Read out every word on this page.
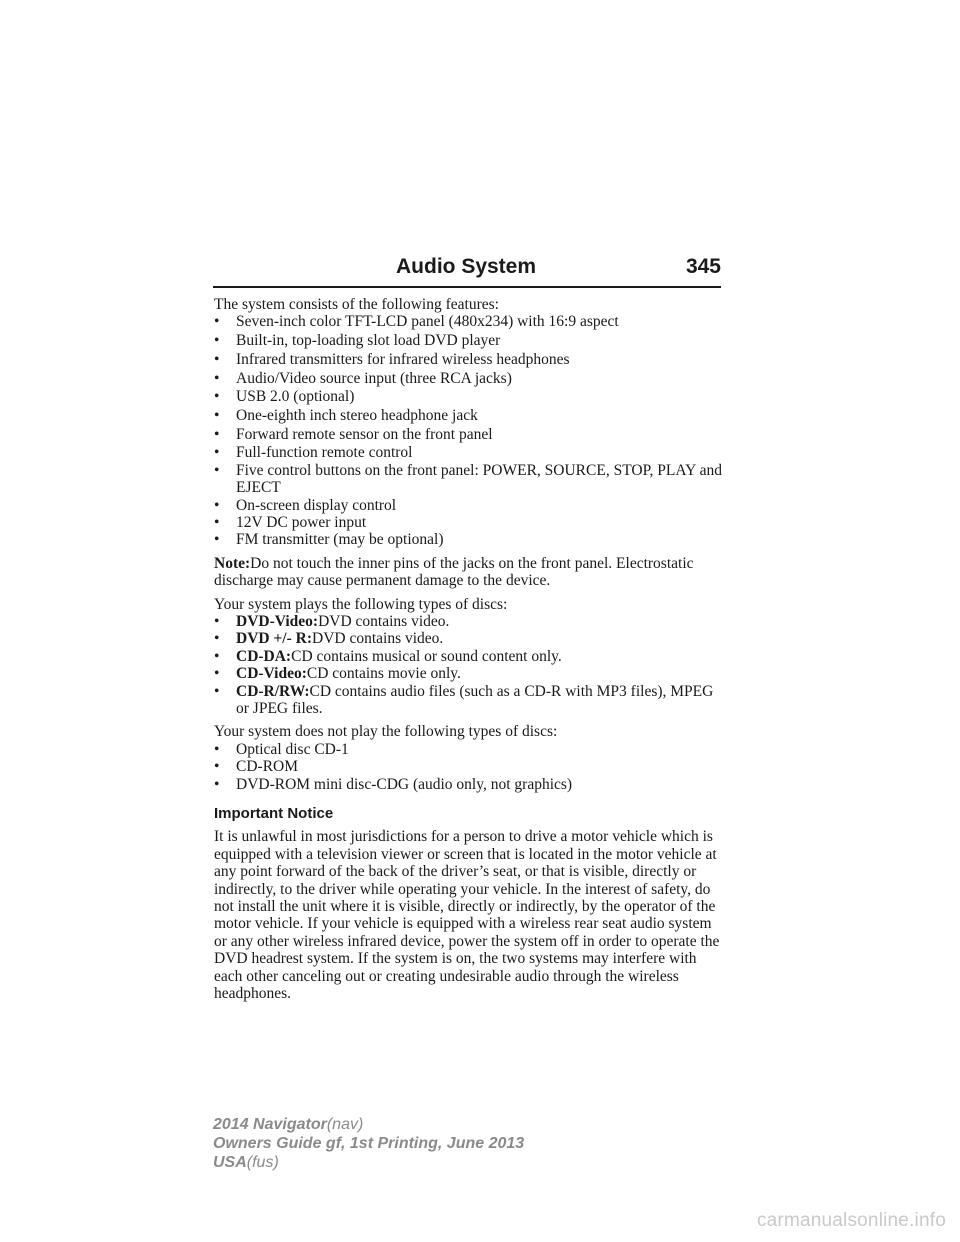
Audio System	345

The system consists of the following features:

•	Seven-inch color TFT-LCD panel (480x234) with 16:9 aspect
•	Built-in, top-loading slot load DVD player
•	Infrared transmitters for infrared wireless headphones
•	Audio/Video source input (three RCA jacks)
•	USB 2.0 (optional)
•	One-eighth inch stereo headphone jack
•	Forward remote sensor on the front panel
•	Full-function remote control
•	Five control buttons on the front panel: POWER, SOURCE, STOP, PLAY and EJECT
•	On-screen display control
•	12V DC power input
•	FM transmitter (may be optional)

Note:Do not touch the inner pins of the jacks on the front panel. Electrostatic discharge may cause permanent damage to the device.

Your system plays the following types of discs:

•	DVD-Video:DVD contains video.
•	DVD +/- R:DVD contains video.
•	CD-DA:CD contains musical or sound content only.
•	CD-Video:CD contains movie only.
•	CD-R/RW:CD contains audio files (such as a CD-R with MP3 files), MPEG or JPEG files.

Your system does not play the following types of discs:

•	Optical disc CD-1
•	CD-ROM
•	DVD-ROM mini disc-CDG (audio only, not graphics)
Important Notice

It is unlawful in most jurisdictions for a person to drive a motor vehicle which is equipped with a television viewer or screen that is located in the motor vehicle at any point forward of the back of the driver’s seat, or that is visible, directly or indirectly, to the driver while operating your vehicle. In the interest of safety, do not install the unit where it is visible, directly or indirectly, by the operator of the motor vehicle. If your vehicle is equipped with a wireless rear seat audio system or any other wireless infrared device, power the system off in order to operate the DVD headrest system. If the system is on, the two systems may interfere with each other canceling out or creating undesirable audio through the wireless headphones.

2014 Navigator(nav)
Owners Guide gf, 1st Printing, June 2013
USA(fus)
carmanualsonline.info
